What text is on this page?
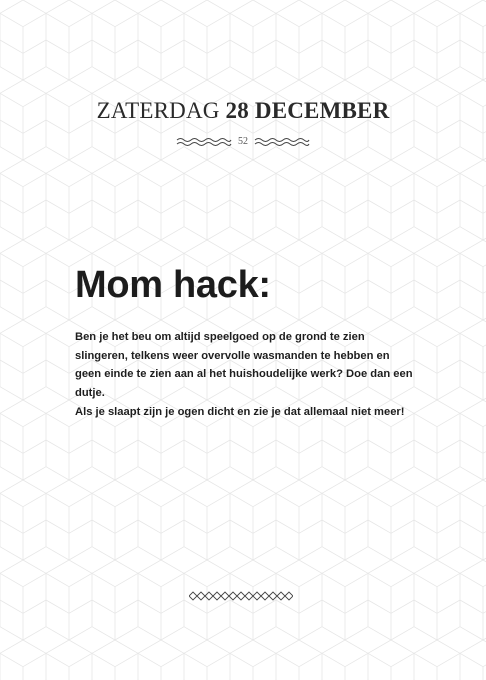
ZATERDAG 28 DECEMBER
52
Mom hack:

Ben je het beu om altijd speelgoed op de grond te zien slingeren, telkens weer overvolle wasmanden te hebben en geen einde te zien aan al het huishoudelijke werk? Doe dan een dutje.

Als je slaapt zijn je ogen dicht en zie je dat allemaal niet meer!
